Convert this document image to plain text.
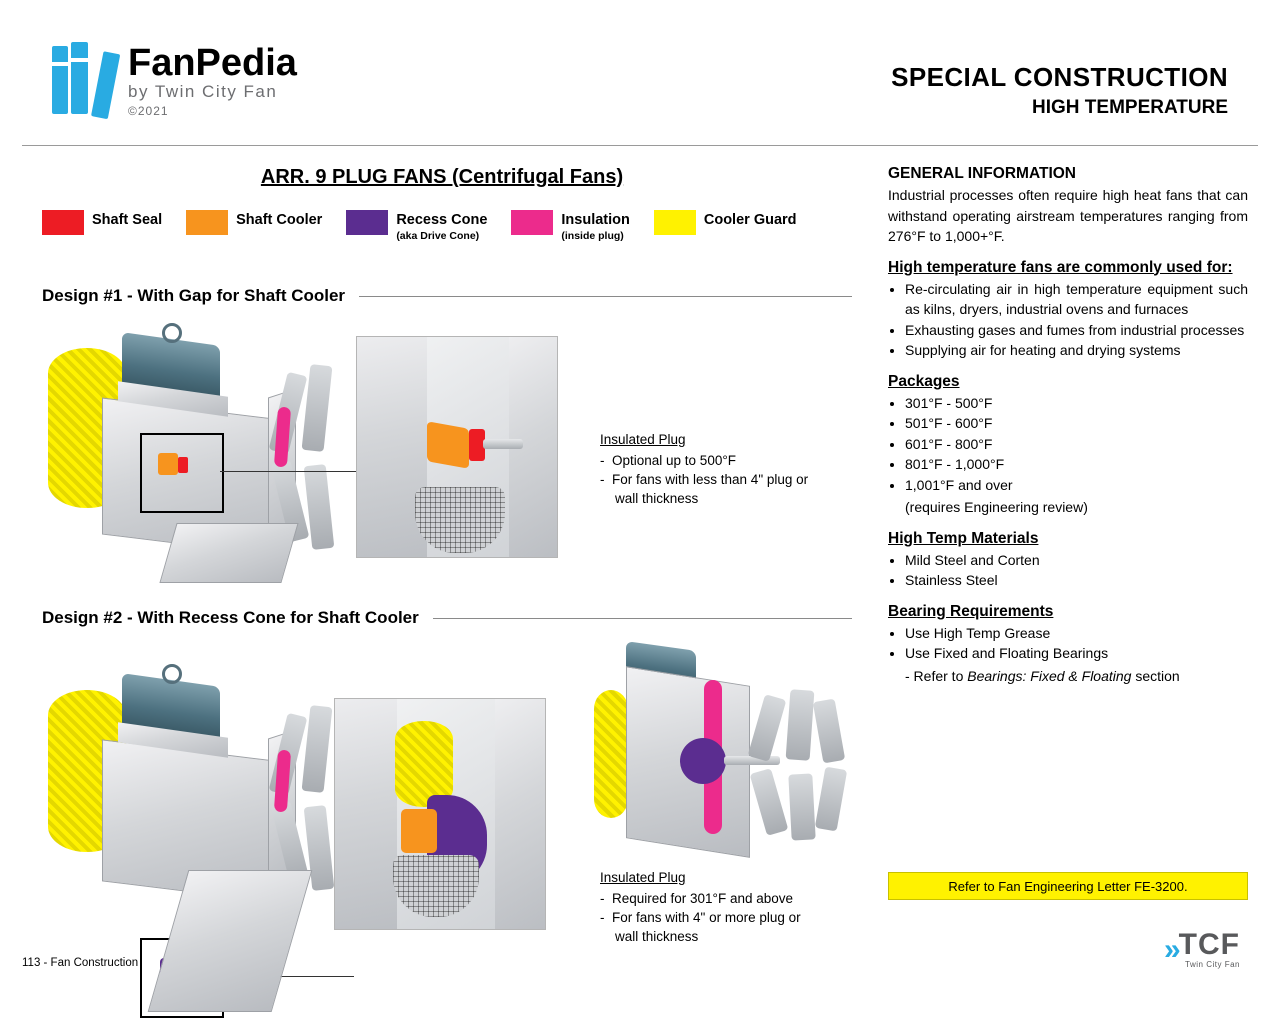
FanPedia
by Twin City Fan
©2021
SPECIAL CONSTRUCTION
HIGH TEMPERATURE
ARR. 9 PLUG FANS (Centrifugal Fans)
Shaft Seal	Shaft Cooler	Recess Cone
(aka Drive Cone)
Insulation
(inside plug)
Cooler Guard
Design #1 - With Gap for Shaft Cooler
Insulated Plug
-  Optional up to 500°F
-  For fans with less than 4" plug or
wall thickness
Design #2 - With Recess Cone for Shaft Cooler
Insulated Plug
-  Required for 301°F and above
-  For fans with 4" or more plug or
wall thickness
GENERAL INFORMATION

Industrial processes often require high heat fans that can withstand operating airstream temperatures ranging from 276°F to 1,000+°F.

High temperature fans are commonly used for:
• Re-circulating air in high temperature equipment such as kilns, dryers, industrial ovens and furnaces
• Exhausting gases and fumes from industrial processes
• Supplying air for heating and drying systems
Packages
• 301°F - 500°F
• 501°F - 600°F
• 601°F - 800°F
• 801°F - 1,000°F
• 1,001°F and over
(requires Engineering review)
High Temp Materials
• Mild Steel and Corten
• Stainless Steel
Bearing Requirements
• Use High Temp Grease
• Use Fixed and Floating Bearings
- Refer to Bearings: Fixed & Floating section
Refer to Fan Engineering Letter FE-3200.
113 - Fan Construction	» TCF
Twin City Fan
